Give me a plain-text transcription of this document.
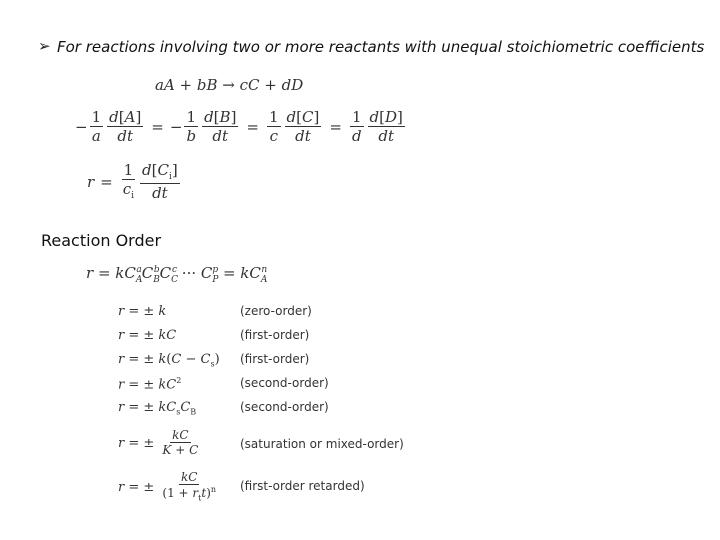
➢ For reactions involving two or more reactants with unequal stoichiometric coefficients
aA + bB → cC + dD
− $\frac{1}{a} \frac{d[A]}{dt}$ = − $\frac{1}{b} \frac{d[B]}{dt} = \frac{1}{c} \frac{d[C]}{dt} = \frac{1}{d} \frac{d[D]}{dt}$
$r = \frac{1}{c_i} \frac{d[C_i]}{dt}$
Reaction Order
$r = kC_A^aC_B^bC_C^c$ ··· $C_P^p = kC_A^n$
r = ± k	(zero-order)
r = ± kC	(first-order)
r = ± $k(C - C_s)$ (first-order)
r = ± $kC^2$	(second-order)
r = ± $kC_sC_B$	(second-order)
r = ± $\frac{kC}{K + C}$	(saturation or mixed-order)
r = ± $\frac{kC}{(1 + r_tt)^n}$ (first-order retarded)
